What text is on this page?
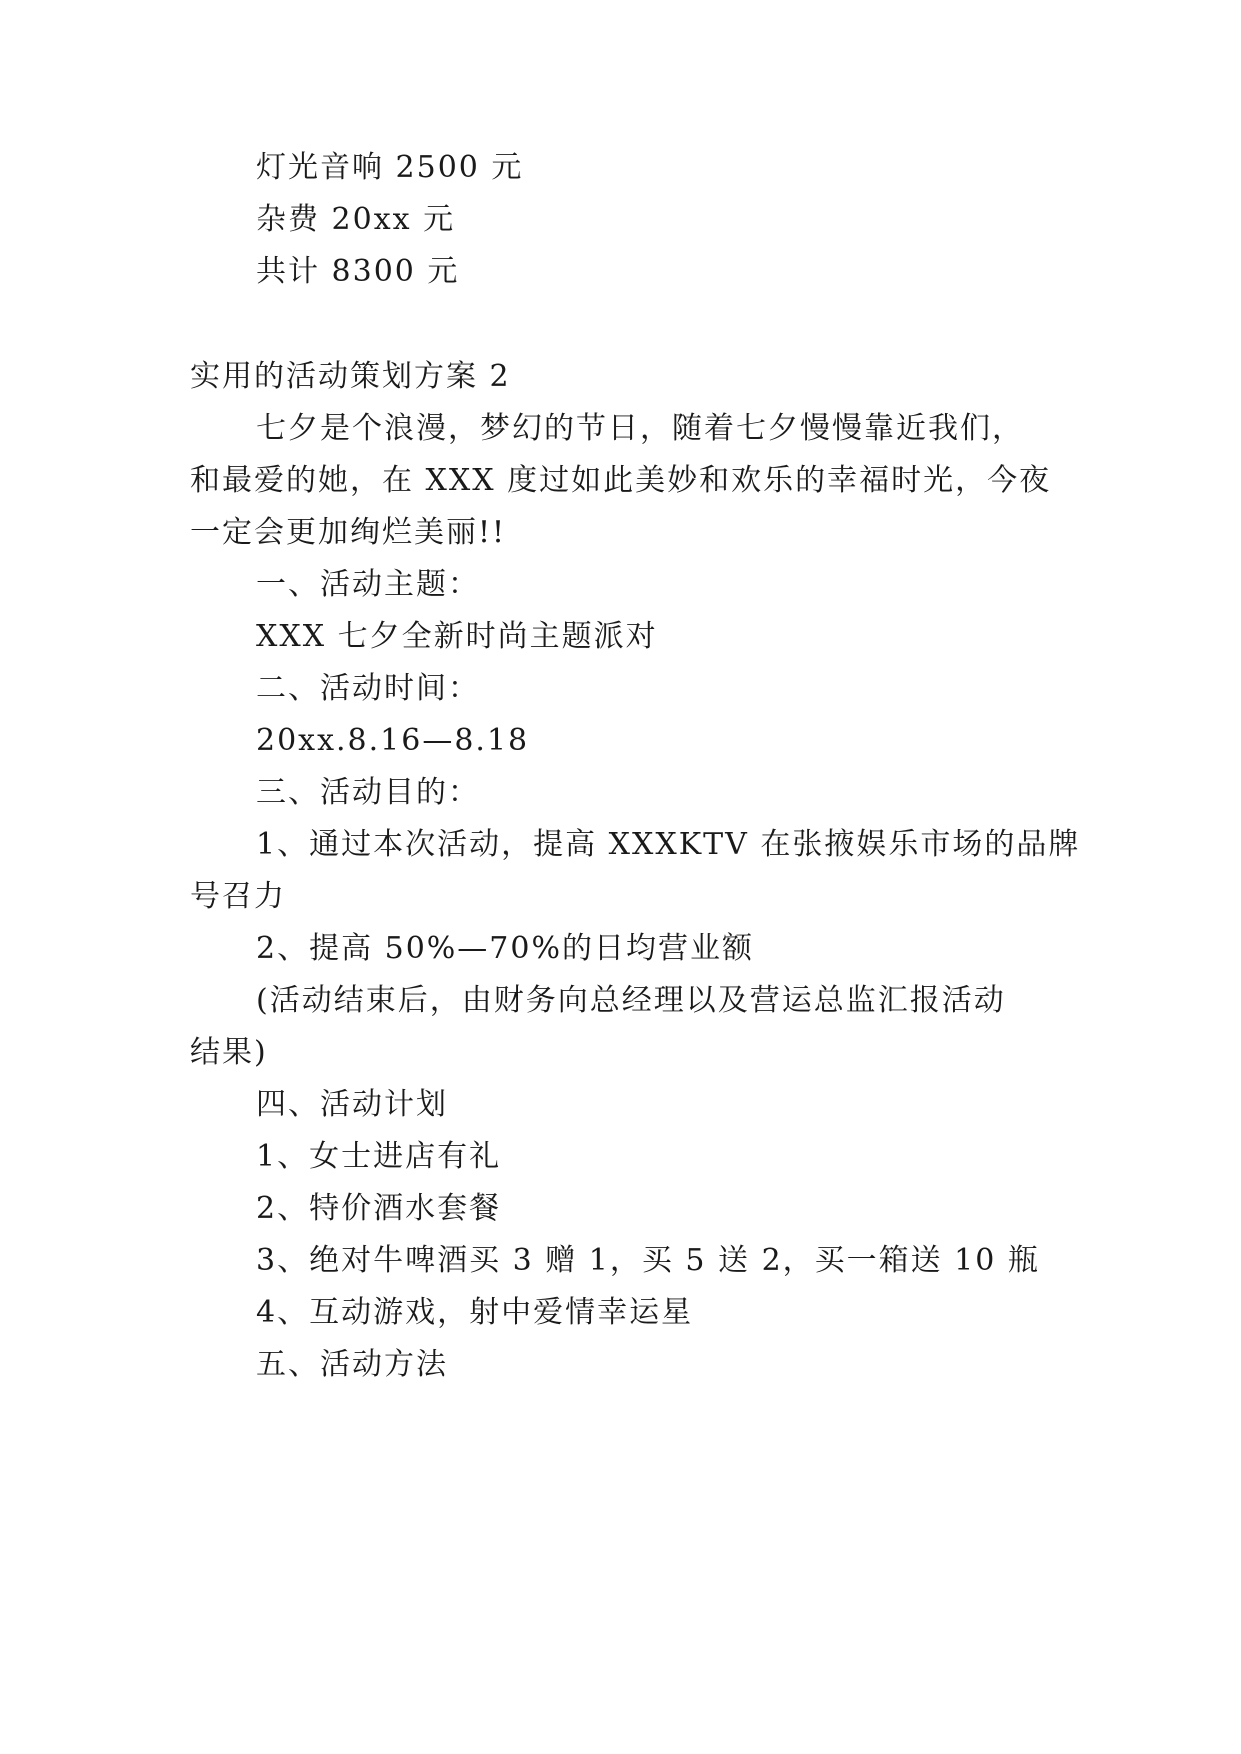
灯光音响 2500 元
杂费 20xx 元
共计 8300 元
实用的活动策划方案 2
七夕是个浪漫，梦幻的节日，随着七夕慢慢靠近我们，
和最爱的她，在 XXX 度过如此美妙和欢乐的幸福时光，今夜
一定会更加绚烂美丽!!
一、活动主题：
XXX 七夕全新时尚主题派对
二、活动时间：
20xx.8.16—8.18
三、活动目的：
1、通过本次活动，提高 XXXKTV 在张掖娱乐市场的品牌
号召力
2、提高 50%—70%的日均营业额
(活动结束后，由财务向总经理以及营运总监汇报活动
结果)
四、活动计划
1、女士进店有礼
2、特价酒水套餐
3、绝对牛啤酒买 3 赠 1，买 5 送 2，买一箱送 10 瓶
4、互动游戏，射中爱情幸运星
五、活动方法
